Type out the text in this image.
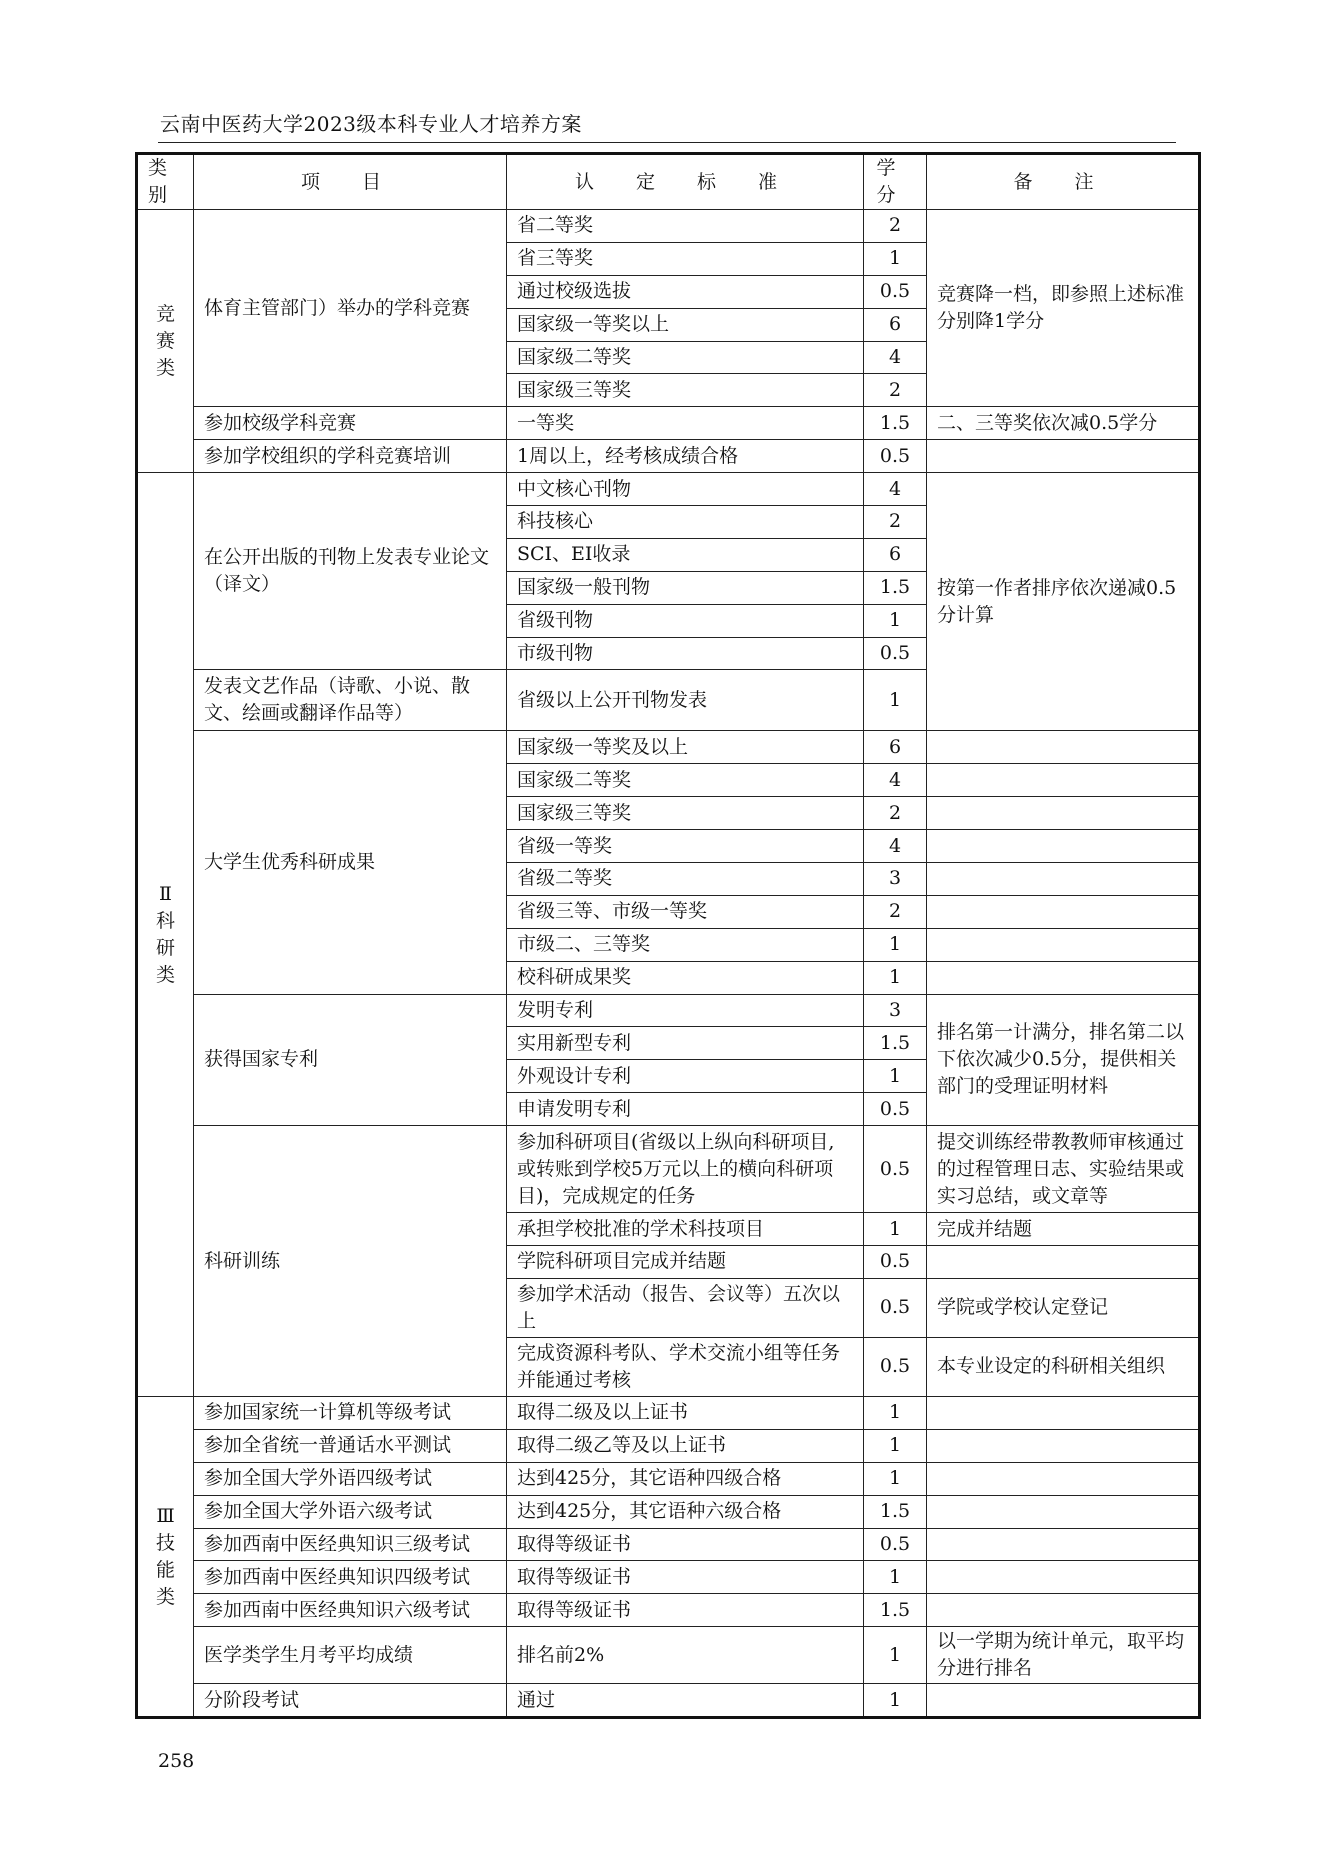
云南中医药大学2023级本科专业人才培养方案
类别	项 目	认 定 标 准	学分	备 注

竞
赛
类	体育主管部门）举办的学科竞赛	省二等奖	2	竞赛降一档，即参照上述标准分别降1学分
		省三等奖	1	
		通过校级选拔	0.5	
		国家级一等奖以上	6	
		国家级二等奖	4	
		国家级三等奖	2	
	参加校级学科竞赛	一等奖	1.5	二、三等奖依次减0.5学分
	参加学校组织的学科竞赛培训	1周以上，经考核成绩合格	0.5	

Ⅱ
科
研
类	在公开出版的刊物上发表专业论文（译文）	中文核心刊物	4	按第一作者排序依次递减0.5分计算
		科技核心	2	
		SCI、EI收录	6	
		国家级一般刊物	1.5	
		省级刊物	1	
		市级刊物	0.5	
	发表文艺作品（诗歌、小说、散文、绘画或翻译作品等）	省级以上公开刊物发表	1	
	大学生优秀科研成果	国家级一等奖及以上	6	
		国家级二等奖	4	
		国家级三等奖	2	
		省级一等奖	4	
		省级二等奖	3	
		省级三等、市级一等奖	2	
		市级二、三等奖	1	
		校科研成果奖	1	
	获得国家专利	发明专利	3	排名第一计满分，排名第二以下依次减少0.5分，提供相关部门的受理证明材料
		实用新型专利	1.5	
		外观设计专利	1	
		申请发明专利	0.5	
	科研训练	参加科研项目(省级以上纵向科研项目,或转账到学校5万元以上的横向科研项目)，完成规定的任务	0.5	提交训练经带教教师审核通过的过程管理日志、实验结果或实习总结，或文章等
		承担学校批准的学术科技项目	1	完成并结题
		学院科研项目完成并结题	0.5	
		参加学术活动（报告、会议等）五次以上	0.5	学院或学校认定登记
		完成资源科考队、学术交流小组等任务并能通过考核	0.5	本专业设定的科研相关组织

Ⅲ
技
能
类	参加国家统一计算机等级考试	取得二级及以上证书	1	
	参加全省统一普通话水平测试	取得二级乙等及以上证书	1	
	参加全国大学外语四级考试	达到425分，其它语种四级合格	1	
	参加全国大学外语六级考试	达到425分，其它语种六级合格	1.5	
	参加西南中医经典知识三级考试	取得等级证书	0.5	
	参加西南中医经典知识四级考试	取得等级证书	1	
	参加西南中医经典知识六级考试	取得等级证书	1.5	
	医学类学生月考平均成绩	排名前2%	1	以一学期为统计单元，取平均分进行排名
	分阶段考试	通过	1	
258
